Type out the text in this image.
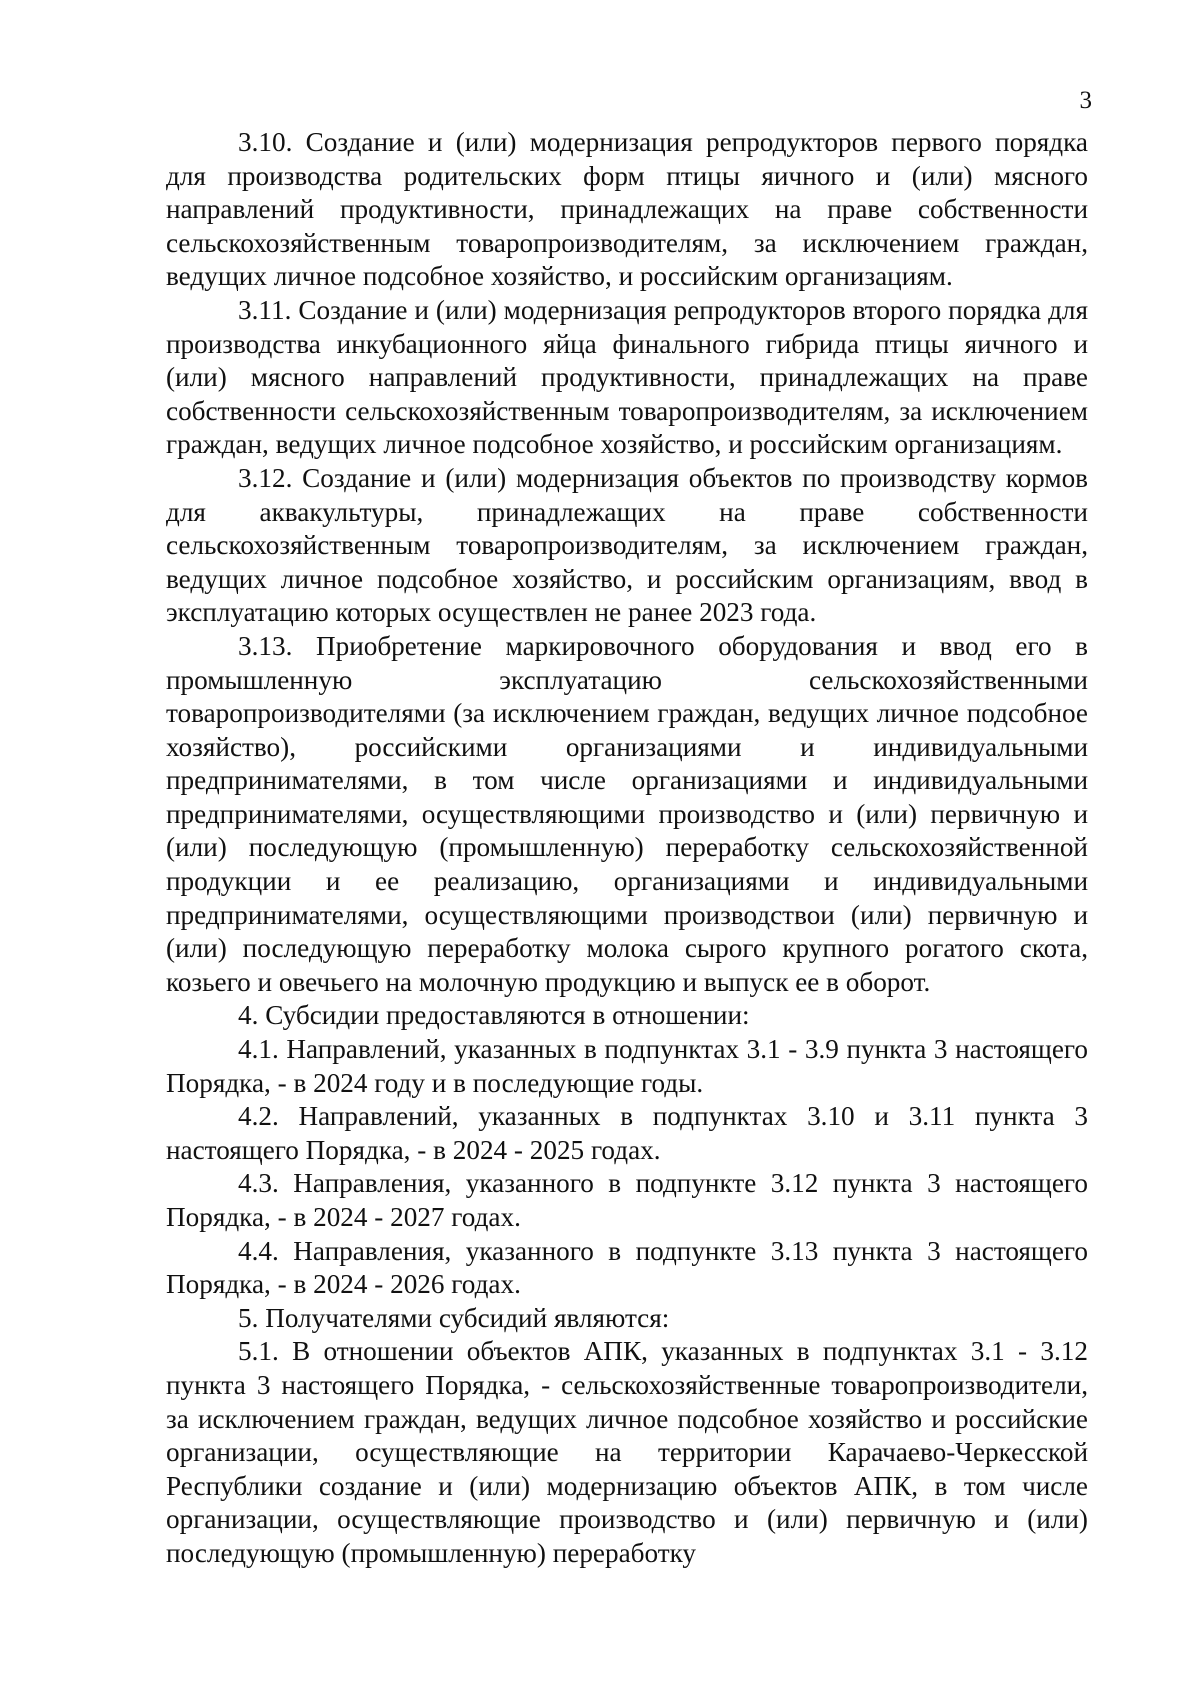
3

3.10. Создание и (или) модернизация репродукторов первого порядка для производства родительских форм птицы яичного и (или) мясного направлений продуктивности, принадлежащих на праве собственности сельскохозяйственным товаропроизводителям, за исключением граждан, ведущих личное подсобное хозяйство, и российским организациям.

3.11. Создание и (или) модернизация репродукторов второго порядка для производства инкубационного яйца финального гибрида птицы яичного и (или) мясного направлений продуктивности, принадлежащих на праве собственности сельскохозяйственным товаропроизводителям, за исключением граждан, ведущих личное подсобное хозяйство, и российским организациям.

3.12. Создание и (или) модернизация объектов по производству кормов для аквакультуры, принадлежащих на праве собственности сельскохозяйственным товаропроизводителям, за исключением граждан, ведущих личное подсобное хозяйство, и российским организациям, ввод в эксплуатацию которых осуществлен не ранее 2023 года.

3.13. Приобретение маркировочного оборудования и ввод его в промышленную эксплуатацию сельскохозяйственными товаропроизводителями (за исключением граждан, ведущих личное подсобное хозяйство), российскими организациями и индивидуальными предпринимателями, в том числе организациями и индивидуальными предпринимателями, осуществляющими производство и (или) первичную и (или) последующую (промышленную) переработку сельскохозяйственной продукции и ее реализацию, организациями и индивидуальными предпринимателями, осуществляющими производствои (или) первичную и (или) последующую переработку молока сырого крупного рогатого скота, козьего и овечьего на молочную продукцию и выпуск ее в оборот.

4. Субсидии предоставляются в отношении:

4.1. Направлений, указанных в подпунктах 3.1 - 3.9 пункта 3 настоящего Порядка, - в 2024 году и в последующие годы.

4.2. Направлений, указанных в подпунктах 3.10 и 3.11 пункта 3 настоящего Порядка, - в 2024 - 2025 годах.

4.3. Направления, указанного в подпункте 3.12 пункта 3 настоящего Порядка, - в 2024 - 2027 годах.

4.4. Направления, указанного в подпункте 3.13 пункта 3 настоящего Порядка, - в 2024 - 2026 годах.

5. Получателями субсидий являются:

5.1. В отношении объектов АПК, указанных в подпунктах 3.1 - 3.12 пункта 3 настоящего Порядка, - сельскохозяйственные товаропроизводители, за исключением граждан, ведущих личное подсобное хозяйство и российские организации, осуществляющие на территории Карачаево-Черкесской Республики создание и (или) модернизацию объектов АПК, в том числе организации, осуществляющие производство и (или) первичную и (или) последующую (промышленную) переработку
